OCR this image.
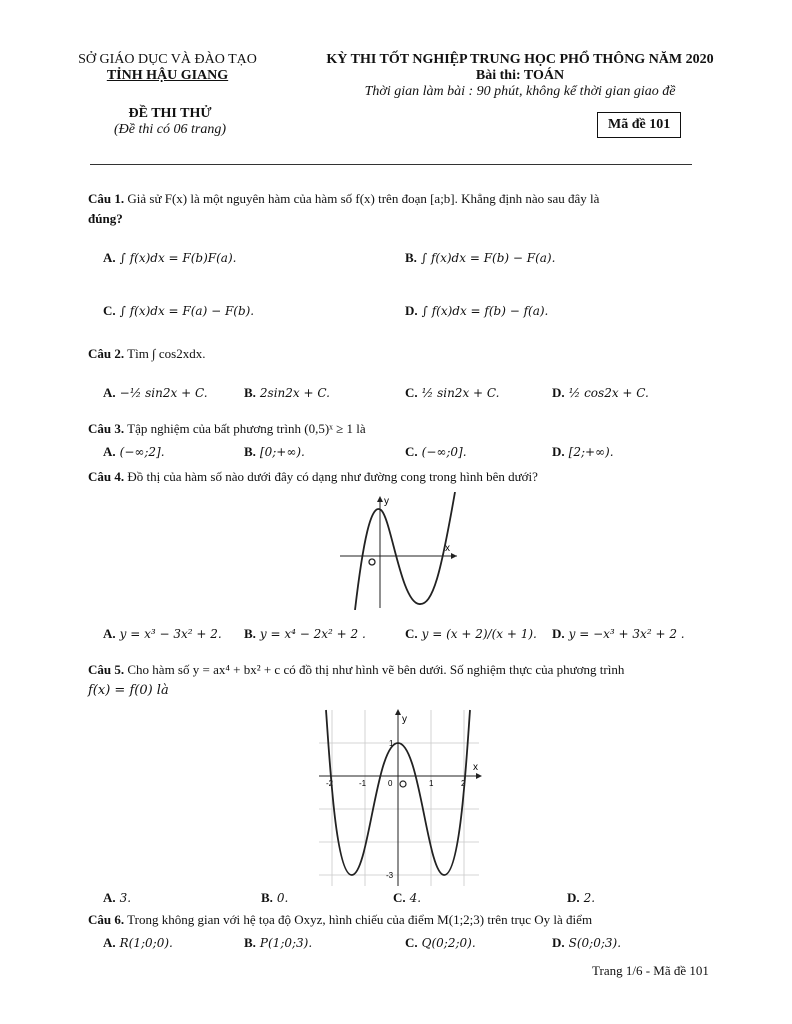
SỞ GIÁO DỤC VÀ ĐÀO TẠO
TỈNH HẬU GIANG
KỲ THI TỐT NGHIỆP TRUNG HỌC PHỔ THÔNG NĂM 2020
Bài thi: TOÁN
Thời gian làm bài : 90 phút, không kể thời gian giao đề
ĐỀ THI THỬ
(Đề thi có 06 trang)	Mã đề 101
Câu 1. Giả sử F(x) là một nguyên hàm của hàm số f(x) trên đoạn [a;b]. Khẳng định nào sau đây là
đúng?
A. ∫ f(x)dx = F(b)F(a).	B. ∫ f(x)dx = F(b) − F(a).
C. ∫ f(x)dx = F(a) − F(b).	D. ∫ f(x)dx = f(b) − f(a).
Câu 2. Tìm ∫ cos2xdx.
A. −½ sin2x + C.	B. 2sin2x + C.	C. ½ sin2x + C.	D. ½ cos2x + C.
Câu 3. Tập nghiệm của bất phương trình (0,5)ˣ ≥ 1 là
A. (−∞;2].	B. [0;+∞).	C. (−∞;0].	D. [2;+∞).
Câu 4. Đồ thị của hàm số nào dưới đây có dạng như đường cong trong hình bên dưới?
x
y
A. y = x³ − 3x² + 2. B. y = x⁴ − 2x² + 2 .	C. y = (x + 2)/(x + 1). D. y = −x³ + 3x² + 2 .
Câu 5. Cho hàm số y = ax⁴ + bx² + c có đồ thị như hình vẽ bên dưới. Số nghiệm thực của phương trình
f(x) = f(0) là
x
y
-2	-1	0	1	2
1
-3
A. 3.	B. 0.	C. 4.	D. 2.
Câu 6. Trong không gian với hệ tọa độ Oxyz, hình chiếu của điểm M(1;2;3) trên trục Oy là điểm
A. R(1;0;0).	B. P(1;0;3).	C. Q(0;2;0).	D. S(0;0;3).
Trang 1/6 - Mã đề 101
